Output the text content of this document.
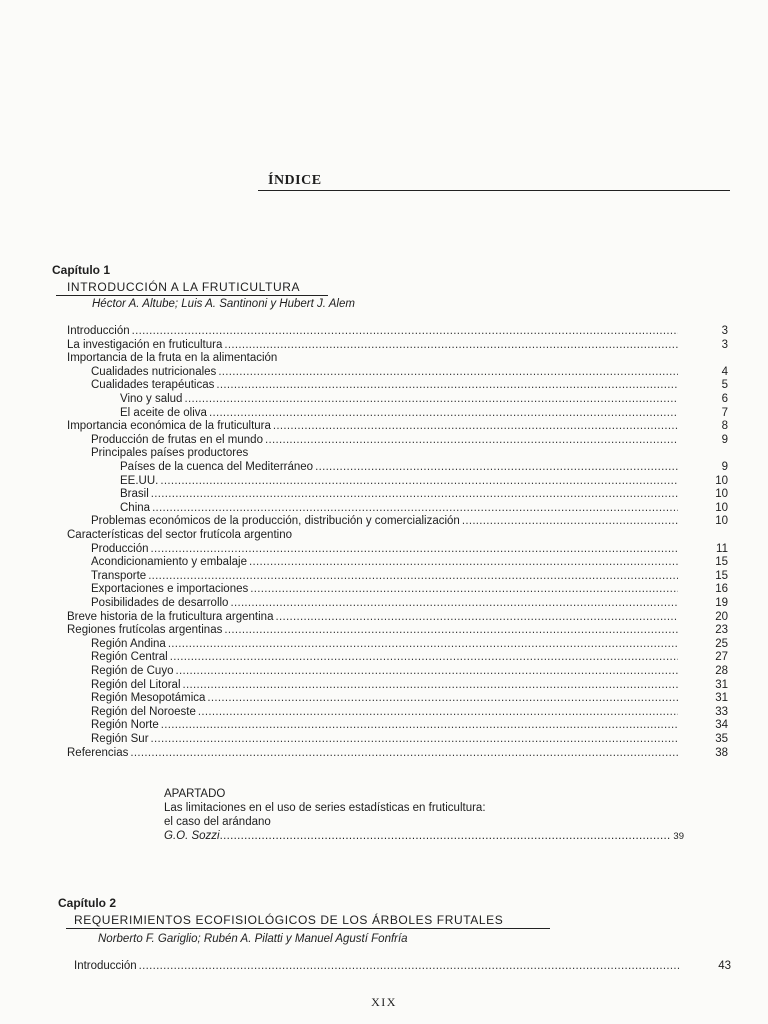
ÍNDICE
Capítulo 1
INTRODUCCIÓN A LA FRUTICULTURA
Héctor A. Altube; Luis A. Santinoni y Hubert J. Alem
Introducción .....	3
La investigación en fruticultura .....	3
Importancia de la fruta en la alimentación
Cualidades nutricionales .....	4
Cualidades terapéuticas .....	5
Vino y salud .....	6
El aceite de oliva .....	7
Importancia económica de la fruticultura .....	8
Producción de frutas en el mundo .....	9
Principales países productores
Países de la cuenca del Mediterráneo .....	9
EE.UU. .....	10
Brasil .....	10
China .....	10
Problemas económicos de la producción, distribución y comercialización .....	10
Características del sector frutícola argentino
Producción .....	11
Acondicionamiento y embalaje .....	15
Transporte .....	15
Exportaciones e importaciones .....	16
Posibilidades de desarrollo .....	19
Breve historia de la fruticultura argentina .....	20
Regiones frutícolas argentinas .....	23
Región Andina .....	25
Región Central .....	27
Región de Cuyo .....	28
Región del Litoral .....	31
Región Mesopotámica .....	31
Región del Noroeste .....	33
Región Norte .....	34
Región Sur .....	35
Referencias .....	38
APARTADO
Las limitaciones en el uso de series estadísticas en fruticultura:
el caso del arándano
G.O. Sozzi .....	39
Capítulo 2
REQUERIMIENTOS ECOFISIOLÓGICOS DE LOS ÁRBOLES FRUTALES
Norberto F. Gariglio; Rubén A. Pilatti y Manuel Agustí Fonfría
Introducción .....	43
XIX
